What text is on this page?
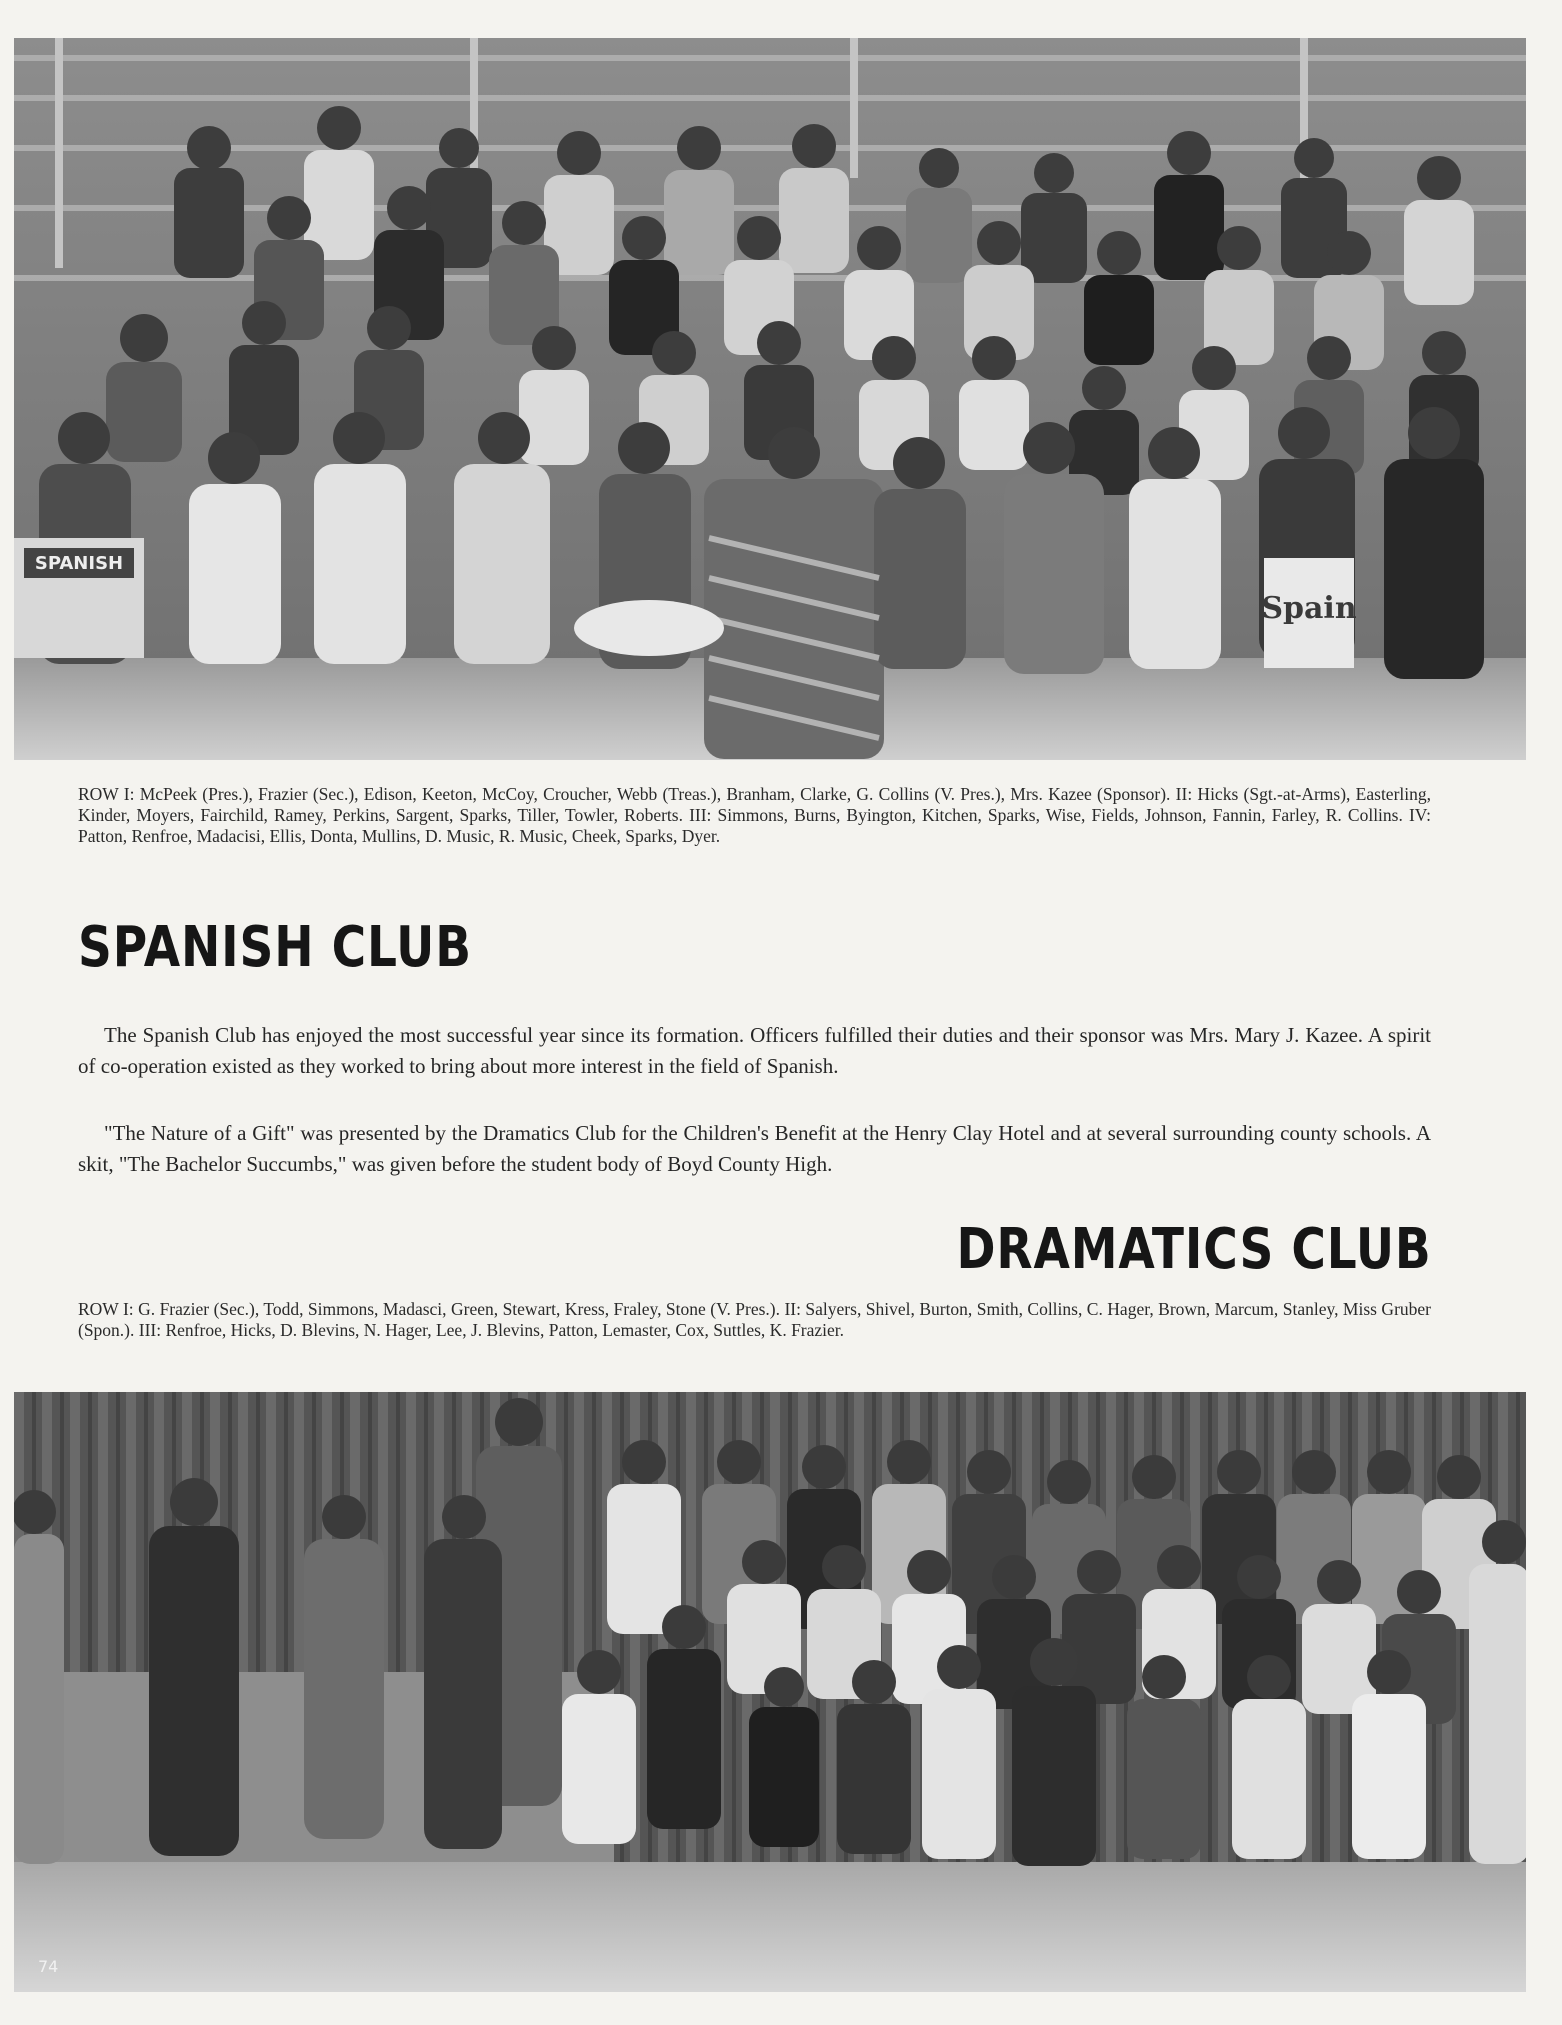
SPANISH
Spain

ROW I: McPeek (Pres.), Frazier (Sec.), Edison, Keeton, McCoy, Croucher, Webb (Treas.), Branham, Clarke, G. Collins (V. Pres.), Mrs. Kazee (Sponsor). II: Hicks (Sgt.-at-Arms), Easterling, Kinder, Moyers, Fairchild, Ramey, Perkins, Sargent, Sparks, Tiller, Towler, Roberts. III: Simmons, Burns, Byington, Kitchen, Sparks, Wise, Fields, Johnson, Fannin, Farley, R. Collins. IV: Patton, Renfroe, Madacisi, Ellis, Donta, Mullins, D. Music, R. Music, Cheek, Sparks, Dyer.

SPANISH CLUB

The Spanish Club has enjoyed the most successful year since its formation. Officers fulfilled their duties and their sponsor was Mrs. Mary J. Kazee. A spirit of co-operation existed as they worked to bring about more interest in the field of Spanish.

"The Nature of a Gift" was presented by the Dramatics Club for the Children's Benefit at the Henry Clay Hotel and at several surrounding county schools. A skit, "The Bachelor Succumbs," was given before the student body of Boyd County High.

DRAMATICS CLUB

ROW I: G. Frazier (Sec.), Todd, Simmons, Madasci, Green, Stewart, Kress, Fraley, Stone (V. Pres.). II: Salyers, Shivel, Burton, Smith, Collins, C. Hager, Brown, Marcum, Stanley, Miss Gruber (Spon.). III: Renfroe, Hicks, D. Blevins, N. Hager, Lee, J. Blevins, Patton, Lemaster, Cox, Suttles, K. Frazier.

74
